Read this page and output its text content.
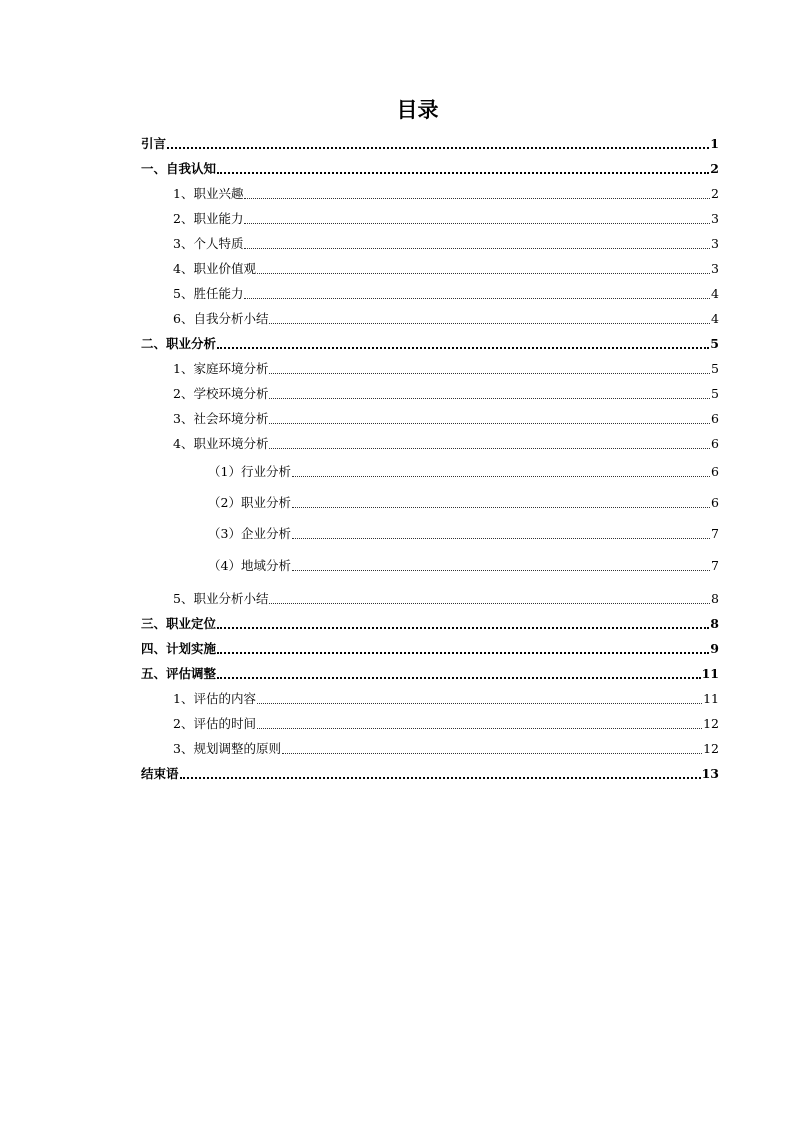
目录
引言	1
一、自我认知	2
1、职业兴趣	2
2、职业能力	3
3、个人特质	3
4、职业价值观	3
5、胜任能力	4
6、自我分析小结	4
二、职业分析	5
1、家庭环境分析	5
2、学校环境分析	5
3、社会环境分析	6
4、职业环境分析	6
（1）行业分析	6
（2）职业分析	6
（3）企业分析	7
（4）地域分析	7
5、职业分析小结	8
三、职业定位	8
四、计划实施	9
五、评估调整	11
1、评估的内容	11
2、评估的时间	12
3、规划调整的原则	12
结束语	13
